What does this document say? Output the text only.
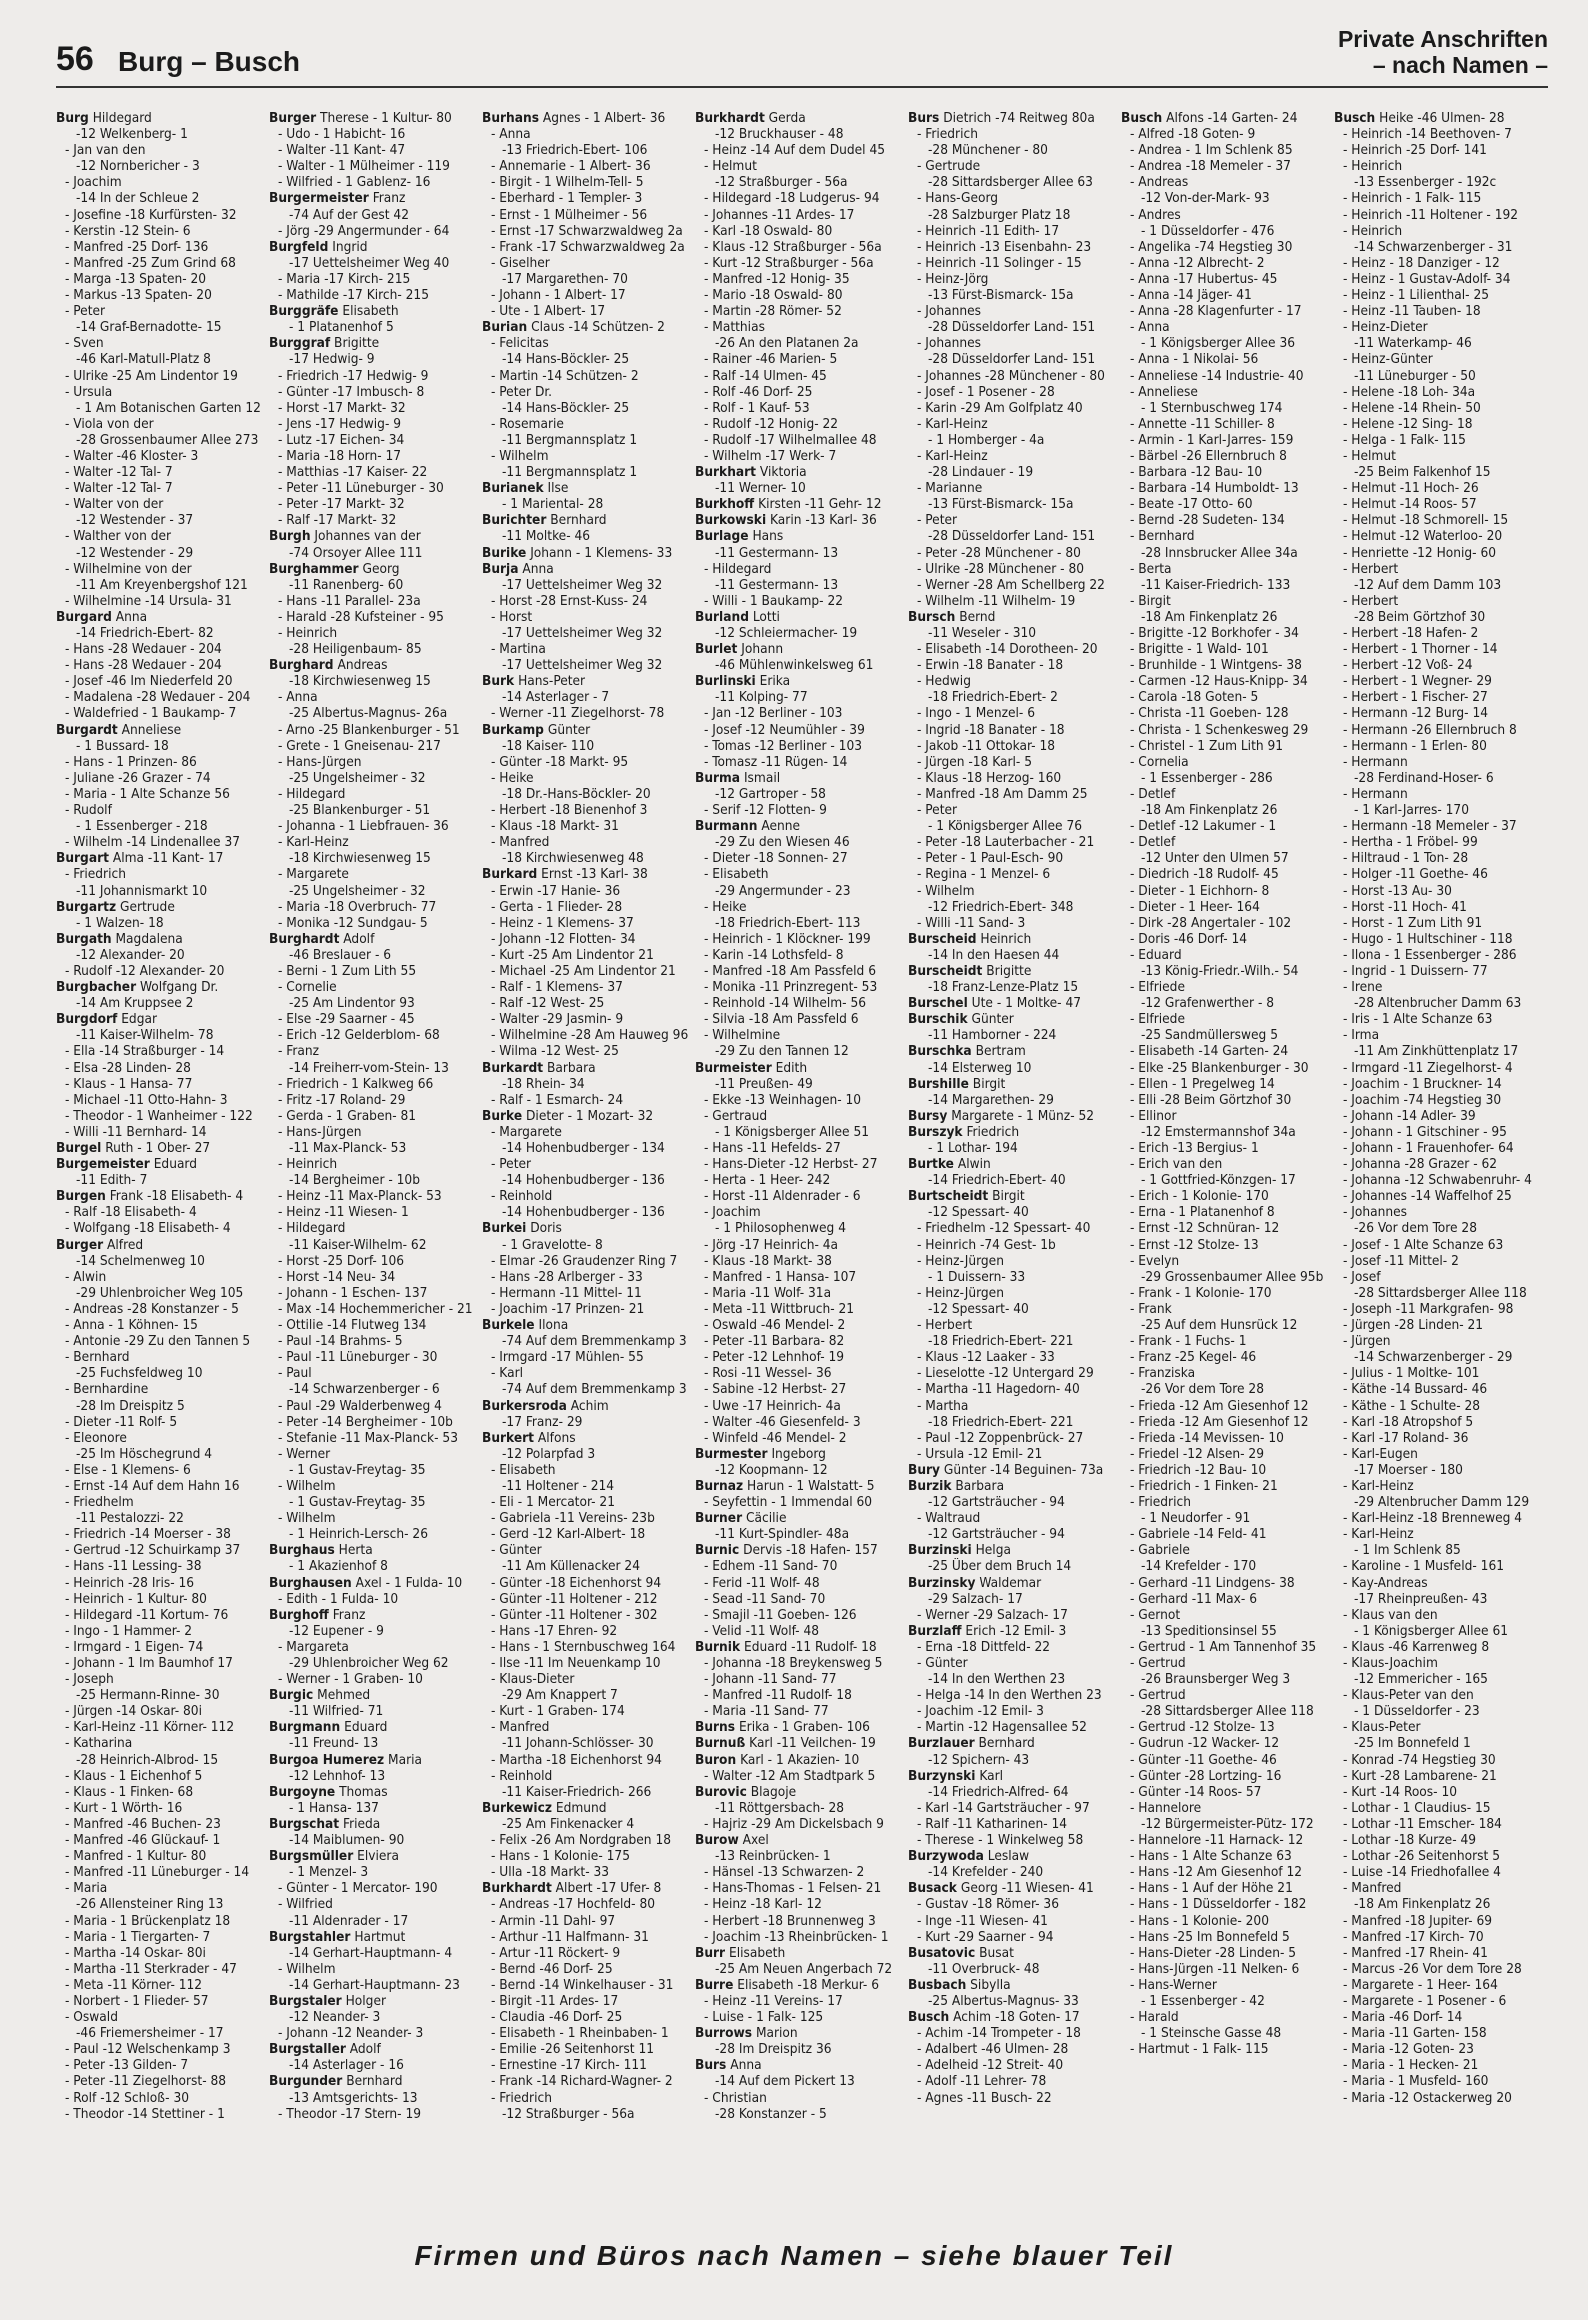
56 Burg – Busch
Private Anschriften
– nach Namen –
Burg Hildegard
-12 Welkenberg- 1
- Jan van den
-12 Nornbericher - 3
- Joachim
-14 In der Schleue 2
- Josefine -18 Kurfürsten- 32
- Kerstin -12 Stein- 6
- Manfred -25 Dorf- 136
- Manfred -25 Zum Grind 68
- Marga -13 Spaten- 20
- Markus -13 Spaten- 20
- Peter
-14 Graf-Bernadotte- 15
- Sven
-46 Karl-Matull-Platz 8
- Ulrike -25 Am Lindentor 19
- Ursula
- 1 Am Botanischen Garten 12
- Viola von der
-28 Grossenbaumer Allee 273
- Walter -46 Kloster- 3
- Walter -12 Tal- 7
- Walter -12 Tal- 7
- Walter von der
-12 Westender - 37
- Walther von der
-12 Westender - 29
- Wilhelmine von der
-11 Am Kreyenbergshof 121
- Wilhelmine -14 Ursula- 31
Burgard Anna
-14 Friedrich-Ebert- 82
- Hans -28 Wedauer - 204
- Hans -28 Wedauer - 204
- Josef -46 Im Niederfeld 20
- Madalena -28 Wedauer - 204
- Waldefried - 1 Baukamp- 7
Burgardt Anneliese
- 1 Bussard- 18
- Hans - 1 Prinzen- 86
- Juliane -26 Grazer - 74
- Maria - 1 Alte Schanze 56
- Rudolf
- 1 Essenberger - 218
- Wilhelm -14 Lindenallee 37
Burgart Alma -11 Kant- 17
- Friedrich
-11 Johannismarkt 10
Burgartz Gertrude
- 1 Walzen- 18
Burgath Magdalena
-12 Alexander- 20
- Rudolf -12 Alexander- 20
Burgbacher Wolfgang Dr.
-14 Am Kruppsee 2
Burgdorf Edgar
-11 Kaiser-Wilhelm- 78
- Ella -14 Straßburger - 14
- Elsa -28 Linden- 28
- Klaus - 1 Hansa- 77
- Michael -11 Otto-Hahn- 3
- Theodor - 1 Wanheimer - 122
- Willi -11 Bernhard- 14
Burgel Ruth - 1 Ober- 27
Burgemeister Eduard
-11 Edith- 7
Burgen Frank -18 Elisabeth- 4
- Ralf -18 Elisabeth- 4
- Wolfgang -18 Elisabeth- 4
Burger Alfred
-14 Schelmenweg 10
- Alwin
-29 Uhlenbroicher Weg 105
- Andreas -28 Konstanzer - 5
- Anna - 1 Köhnen- 15
- Antonie -29 Zu den Tannen 5
- Bernhard
-25 Fuchsfeldweg 10
- Bernhardine
-28 Im Dreispitz 5
- Dieter -11 Rolf- 5
- Eleonore
-25 Im Höschegrund 4
- Else - 1 Klemens- 6
- Ernst -14 Auf dem Hahn 16
- Friedhelm
-11 Pestalozzi- 22
- Friedrich -14 Moerser - 38
- Gertrud -12 Schuirkamp 37
- Hans -11 Lessing- 38
- Heinrich -28 Iris- 16
- Heinrich - 1 Kultur- 80
- Hildegard -11 Kortum- 76
- Ingo - 1 Hammer- 2
- Irmgard - 1 Eigen- 74
- Johann - 1 Im Baumhof 17
- Joseph
-25 Hermann-Rinne- 30
- Jürgen -14 Oskar- 80i
- Karl-Heinz -11 Körner- 112
- Katharina
-28 Heinrich-Albrod- 15
- Klaus - 1 Eichenhof 5
- Klaus - 1 Finken- 68
- Kurt - 1 Wörth- 16
- Manfred -46 Buchen- 23
- Manfred -46 Glückauf- 1
- Manfred - 1 Kultur- 80
- Manfred -11 Lüneburger - 14
- Maria
-26 Allensteiner Ring 13
- Maria - 1 Brückenplatz 18
- Maria - 1 Tiergarten- 7
- Martha -14 Oskar- 80i
- Martha -11 Sterkrader - 47
- Meta -11 Körner- 112
- Norbert - 1 Flieder- 57
- Oswald
-46 Friemersheimer - 17
- Paul -12 Welschenkamp 3
- Peter -13 Gilden- 7
- Peter -11 Ziegelhorst- 88
- Rolf -12 Schloß- 30
- Theodor -14 Stettiner - 1
Burger Therese - 1 Kultur- 80
- Udo - 1 Habicht- 16
- Walter -11 Kant- 47
- Walter - 1 Mülheimer - 119
- Wilfried - 1 Gablenz- 16
Burgermeister Franz
-74 Auf der Gest 42
- Jörg -29 Angermunder - 64
Burgfeld Ingrid
-17 Uettelsheimer Weg 40
- Maria -17 Kirch- 215
- Mathilde -17 Kirch- 215
Burggräfe Elisabeth
- 1 Platanenhof 5
Burggraf Brigitte
-17 Hedwig- 9
- Friedrich -17 Hedwig- 9
- Günter -17 Imbusch- 8
- Horst -17 Markt- 32
- Jens -17 Hedwig- 9
- Lutz -17 Eichen- 34
- Maria -18 Horn- 17
- Matthias -17 Kaiser- 22
- Peter -11 Lüneburger - 30
- Peter -17 Markt- 32
- Ralf -17 Markt- 32
Burgh Johannes van der
-74 Orsoyer Allee 111
Burghammer Georg
-11 Ranenberg- 60
- Hans -11 Parallel- 23a
- Harald -28 Kufsteiner - 95
- Heinrich
-28 Heiligenbaum- 85
Burghard Andreas
-18 Kirchwiesenweg 15
- Anna
-25 Albertus-Magnus- 26a
- Arno -25 Blankenburger - 51
- Grete - 1 Gneisenau- 217
- Hans-Jürgen
-25 Ungelsheimer - 32
- Hildegard
-25 Blankenburger - 51
- Johanna - 1 Liebfrauen- 36
- Karl-Heinz
-18 Kirchwiesenweg 15
- Margarete
-25 Ungelsheimer - 32
- Maria -18 Overbruch- 77
- Monika -12 Sundgau- 5
Burghardt Adolf
-46 Breslauer - 6
- Berni - 1 Zum Lith 55
- Cornelie
-25 Am Lindentor 93
- Else -29 Saarner - 45
- Erich -12 Gelderblom- 68
- Franz
-14 Freiherr-vom-Stein- 13
- Friedrich - 1 Kalkweg 66
- Fritz -17 Roland- 29
- Gerda - 1 Graben- 81
- Hans-Jürgen
-11 Max-Planck- 53
- Heinrich
-14 Bergheimer - 10b
- Heinz -11 Max-Planck- 53
- Heinz -11 Wiesen- 1
- Hildegard
-11 Kaiser-Wilhelm- 62
- Horst -25 Dorf- 106
- Horst -14 Neu- 34
- Johann - 1 Eschen- 137
- Max -14 Hochemmericher - 21
- Ottilie -14 Flutweg 134
- Paul -14 Brahms- 5
- Paul -11 Lüneburger - 30
- Paul
-14 Schwarzenberger - 6
- Paul -29 Walderbenweg 4
- Peter -14 Bergheimer - 10b
- Stefanie -11 Max-Planck- 53
- Werner
- 1 Gustav-Freytag- 35
- Wilhelm
- 1 Gustav-Freytag- 35
- Wilhelm
- 1 Heinrich-Lersch- 26
Burghaus Herta
- 1 Akazienhof 8
Burghausen Axel - 1 Fulda- 10
- Edith - 1 Fulda- 10
Burghoff Franz
-12 Eupener - 9
- Margareta
-29 Uhlenbroicher Weg 62
- Werner - 1 Graben- 10
Burgic Mehmed
-11 Wilfried- 71
Burgmann Eduard
-11 Freund- 13
Burgoa Humerez Maria
-12 Lehnhof- 13
Burgoyne Thomas
- 1 Hansa- 137
Burgschat Frieda
-14 Maiblumen- 90
Burgsmüller Elviera
- 1 Menzel- 3
- Günter - 1 Mercator- 190
- Wilfried
-11 Aldenrader - 17
Burgstahler Hartmut
-14 Gerhart-Hauptmann- 4
- Wilhelm
-14 Gerhart-Hauptmann- 23
Burgstaler Holger
-12 Neander- 3
- Johann -12 Neander- 3
Burgstaller Adolf
-14 Asterlager - 16
Burgunder Bernhard
-13 Amtsgerichts- 13
- Theodor -17 Stern- 19
Burhans Agnes - 1 Albert- 36
- Anna
-13 Friedrich-Ebert- 106
- Annemarie - 1 Albert- 36
- Birgit - 1 Wilhelm-Tell- 5
- Eberhard - 1 Templer- 3
- Ernst - 1 Mülheimer - 56
- Ernst -17 Schwarzwaldweg 2a
- Frank -17 Schwarzwaldweg 2a
- Giselher
-17 Margarethen- 70
- Johann - 1 Albert- 17
- Ute - 1 Albert- 17
Burian Claus -14 Schützen- 2
- Felicitas
-14 Hans-Böckler- 25
- Martin -14 Schützen- 2
- Peter Dr.
-14 Hans-Böckler- 25
- Rosemarie
-11 Bergmannsplatz 1
- Wilhelm
-11 Bergmannsplatz 1
Burianek Ilse
- 1 Mariental- 28
Burichter Bernhard
-11 Moltke- 46
Burike Johann - 1 Klemens- 33
Burja Anna
-17 Uettelsheimer Weg 32
- Horst -28 Ernst-Kuss- 24
- Horst
-17 Uettelsheimer Weg 32
- Martina
-17 Uettelsheimer Weg 32
Burk Hans-Peter
-14 Asterlager - 7
- Werner -11 Ziegelhorst- 78
Burkamp Günter
-18 Kaiser- 110
- Günter -18 Markt- 95
- Heike
-18 Dr.-Hans-Böckler- 20
- Herbert -18 Bienenhof 3
- Klaus -18 Markt- 31
- Manfred
-18 Kirchwiesenweg 48
Burkard Ernst -13 Karl- 38
- Erwin -17 Hanie- 36
- Gerta - 1 Flieder- 28
- Heinz - 1 Klemens- 37
- Johann -12 Flotten- 34
- Kurt -25 Am Lindentor 21
- Michael -25 Am Lindentor 21
- Ralf - 1 Klemens- 37
- Ralf -12 West- 25
- Walter -29 Jasmin- 9
- Wilhelmine -28 Am Hauweg 96
- Wilma -12 West- 25
Burkardt Barbara
-18 Rhein- 34
- Ralf - 1 Esmarch- 24
Burke Dieter - 1 Mozart- 32
- Margarete
-14 Hohenbudberger - 134
- Peter
-14 Hohenbudberger - 136
- Reinhold
-14 Hohenbudberger - 136
Burkei Doris
- 1 Gravelotte- 8
- Elmar -26 Graudenzer Ring 7
- Hans -28 Arlberger - 33
- Hermann -11 Mittel- 11
- Joachim -17 Prinzen- 21
Burkele Ilona
-74 Auf dem Bremmenkamp 3
- Irmgard -17 Mühlen- 55
- Karl
-74 Auf dem Bremmenkamp 3
Burkersroda Achim
-17 Franz- 29
Burkert Alfons
-12 Polarpfad 3
- Elisabeth
-11 Holtener - 214
- Eli - 1 Mercator- 21
- Gabriela -11 Vereins- 23b
- Gerd -12 Karl-Albert- 18
- Günter
-11 Am Küllenacker 24
- Günter -18 Eichenhorst 94
- Günter -11 Holtener - 212
- Günter -11 Holtener - 302
- Hans -17 Ehren- 92
- Hans - 1 Sternbuschweg 164
- Ilse -11 Im Neuenkamp 10
- Klaus-Dieter
-29 Am Knappert 7
- Kurt - 1 Graben- 174
- Manfred
-11 Johann-Schlösser- 30
- Martha -18 Eichenhorst 94
- Reinhold
-11 Kaiser-Friedrich- 266
Burkewicz Edmund
-25 Am Finkenacker 4
- Felix -26 Am Nordgraben 18
- Hans - 1 Kolonie- 175
- Ulla -18 Markt- 33
Burkhardt Albert -17 Ufer- 8
- Andreas -17 Hochfeld- 80
- Armin -11 Dahl- 97
- Arthur -11 Halfmann- 31
- Artur -11 Röckert- 9
- Bernd -46 Dorf- 25
- Bernd -14 Winkelhauser - 31
- Birgit -11 Ardes- 17
- Claudia -46 Dorf- 25
- Elisabeth - 1 Rheinbaben- 1
- Emilie -26 Seitenhorst 11
- Ernestine -17 Kirch- 111
- Frank -14 Richard-Wagner- 2
- Friedrich
-12 Straßburger - 56a
Burkhardt Gerda
-12 Bruckhauser - 48
- Heinz -14 Auf dem Dudel 45
- Helmut
-12 Straßburger - 56a
- Hildegard -18 Ludgerus- 94
- Johannes -11 Ardes- 17
- Karl -18 Oswald- 80
- Klaus -12 Straßburger - 56a
- Kurt -12 Straßburger - 56a
- Manfred -12 Honig- 35
- Mario -18 Oswald- 80
- Martin -28 Römer- 52
- Matthias
-26 An den Platanen 2a
- Rainer -46 Marien- 5
- Ralf -14 Ulmen- 45
- Rolf -46 Dorf- 25
- Rolf - 1 Kauf- 53
- Rudolf -12 Honig- 22
- Rudolf -17 Wilhelmallee 48
- Wilhelm -17 Werk- 7
Burkhart Viktoria
-11 Werner- 10
Burkhoff Kirsten -11 Gehr- 12
Burkowski Karin -13 Karl- 36
Burlage Hans
-11 Gestermann- 13
- Hildegard
-11 Gestermann- 13
- Willi - 1 Baukamp- 22
Burland Lotti
-12 Schleiermacher- 19
Burlet Johann
-46 Mühlenwinkelsweg 61
Burlinski Erika
-11 Kolping- 77
- Jan -12 Berliner - 103
- Josef -12 Neumühler - 39
- Tomas -12 Berliner - 103
- Tomasz -11 Rügen- 14
Burma Ismail
-12 Gartroper - 58
- Serif -12 Flotten- 9
Burmann Aenne
-29 Zu den Wiesen 46
- Dieter -18 Sonnen- 27
- Elisabeth
-29 Angermunder - 23
- Heike
-18 Friedrich-Ebert- 113
- Heinrich - 1 Klöckner- 199
- Karin -14 Lothsfeld- 8
- Manfred -18 Am Passfeld 6
- Monika -11 Prinzregent- 53
- Reinhold -14 Wilhelm- 56
- Silvia -18 Am Passfeld 6
- Wilhelmine
-29 Zu den Tannen 12
Burmeister Edith
-11 Preußen- 49
- Ekke -13 Weinhagen- 10
- Gertraud
- 1 Königsberger Allee 51
- Hans -11 Hefelds- 27
- Hans-Dieter -12 Herbst- 27
- Herta - 1 Heer- 242
- Horst -11 Aldenrader - 6
- Joachim
- 1 Philosophenweg 4
- Jörg -17 Heinrich- 4a
- Klaus -18 Markt- 38
- Manfred - 1 Hansa- 107
- Maria -11 Wolf- 31a
- Meta -11 Wittbruch- 21
- Oswald -46 Mendel- 2
- Peter -11 Barbara- 82
- Peter -12 Lehnhof- 19
- Rosi -11 Wessel- 36
- Sabine -12 Herbst- 27
- Uwe -17 Heinrich- 4a
- Walter -46 Giesenfeld- 3
- Winfeld -46 Mendel- 2
Burmester Ingeborg
-12 Koopmann- 12
Burnaz Harun - 1 Walstatt- 5
- Seyfettin - 1 Immendal 60
Burner Cäcilie
-11 Kurt-Spindler- 48a
Burnic Dervis -18 Hafen- 157
- Edhem -11 Sand- 70
- Ferid -11 Wolf- 48
- Sead -11 Sand- 70
- Smajil -11 Goeben- 126
- Velid -11 Wolf- 48
Burnik Eduard -11 Rudolf- 18
- Johanna -18 Breykensweg 5
- Johann -11 Sand- 77
- Manfred -11 Rudolf- 18
- Maria -11 Sand- 77
Burns Erika - 1 Graben- 106
Burnuß Karl -11 Veilchen- 19
Buron Karl - 1 Akazien- 10
- Walter -12 Am Stadtpark 5
Burovic Blagoje
-11 Röttgersbach- 28
- Hajriz -29 Am Dickelsbach 9
Burow Axel
-13 Reinbrücken- 1
- Hänsel -13 Schwarzen- 2
- Hans-Thomas - 1 Felsen- 21
- Heinz -18 Karl- 12
- Herbert -18 Brunnenweg 3
- Joachim -13 Rheinbrücken- 1
Burr Elisabeth
-25 Am Neuen Angerbach 72
Burre Elisabeth -18 Merkur- 6
- Heinz -11 Vereins- 17
- Luise - 1 Falk- 125
Burrows Marion
-28 Im Dreispitz 36
Burs Anna
-14 Auf dem Pickert 13
- Christian
-28 Konstanzer - 5
Burs Dietrich -74 Reitweg 80a
- Friedrich
-28 Münchener - 80
- Gertrude
-28 Sittardsberger Allee 63
- Hans-Georg
-28 Salzburger Platz 18
- Heinrich -11 Edith- 17
- Heinrich -13 Eisenbahn- 23
- Heinrich -11 Solinger - 15
- Heinz-Jörg
-13 Fürst-Bismarck- 15a
- Johannes
-28 Düsseldorfer Land- 151
- Johannes
-28 Düsseldorfer Land- 151
- Johannes -28 Münchener - 80
- Josef - 1 Posener - 28
- Karin -29 Am Golfplatz 40
- Karl-Heinz
- 1 Homberger - 4a
- Karl-Heinz
-28 Lindauer - 19
- Marianne
-13 Fürst-Bismarck- 15a
- Peter
-28 Düsseldorfer Land- 151
- Peter -28 Münchener - 80
- Ulrike -28 Münchener - 80
- Werner -28 Am Schellberg 22
- Wilhelm -11 Wilhelm- 19
Bursch Bernd
-11 Weseler - 310
- Elisabeth -14 Dorotheen- 20
- Erwin -18 Banater - 18
- Hedwig
-18 Friedrich-Ebert- 2
- Ingo - 1 Menzel- 6
- Ingrid -18 Banater - 18
- Jakob -11 Ottokar- 18
- Jürgen -18 Karl- 5
- Klaus -18 Herzog- 160
- Manfred -18 Am Damm 25
- Peter
- 1 Königsberger Allee 76
- Peter -18 Lauterbacher - 21
- Peter - 1 Paul-Esch- 90
- Regina - 1 Menzel- 6
- Wilhelm
-12 Friedrich-Ebert- 348
- Willi -11 Sand- 3
Burscheid Heinrich
-14 In den Haesen 44
Burscheidt Brigitte
-18 Franz-Lenze-Platz 15
Burschel Ute - 1 Moltke- 47
Burschik Günter
-11 Hamborner - 224
Burschka Bertram
-14 Elsterweg 10
Burshille Birgit
-14 Margarethen- 29
Bursy Margarete - 1 Münz- 52
Burszyk Friedrich
- 1 Lothar- 194
Burtke Alwin
-14 Friedrich-Ebert- 40
Burtscheidt Birgit
-12 Spessart- 40
- Friedhelm -12 Spessart- 40
- Heinrich -74 Gest- 1b
- Heinz-Jürgen
- 1 Duissern- 33
- Heinz-Jürgen
-12 Spessart- 40
- Herbert
-18 Friedrich-Ebert- 221
- Klaus -12 Laaker - 33
- Lieselotte -12 Untergard 29
- Martha -11 Hagedorn- 40
- Martha
-18 Friedrich-Ebert- 221
- Paul -12 Zoppenbrück- 27
- Ursula -12 Emil- 21
Bury Günter -14 Beguinen- 73a
Burzik Barbara
-12 Gartsträucher - 94
- Waltraud
-12 Gartsträucher - 94
Burzinski Helga
-25 Über dem Bruch 14
Burzinsky Waldemar
-29 Salzach- 17
- Werner -29 Salzach- 17
Burzlaff Erich -12 Emil- 3
- Erna -18 Dittfeld- 22
- Günter
-14 In den Werthen 23
- Helga -14 In den Werthen 23
- Joachim -12 Emil- 3
- Martin -12 Hagensallee 52
Burzlauer Bernhard
-12 Spichern- 43
Burzynski Karl
-14 Friedrich-Alfred- 64
- Karl -14 Gartsträucher - 97
- Ralf -11 Katharinen- 14
- Therese - 1 Winkelweg 58
Burzywoda Leslaw
-14 Krefelder - 240
Busack Georg -11 Wiesen- 41
- Gustav -18 Römer- 36
- Inge -11 Wiesen- 41
- Kurt -29 Saarner - 94
Busatovic Busat
-11 Overbruck- 48
Busbach Sibylla
-25 Albertus-Magnus- 33
Busch Achim -18 Goten- 17
- Achim -14 Trompeter - 18
- Adalbert -46 Ulmen- 28
- Adelheid -12 Streit- 40
- Adolf -11 Lehrer- 78
- Agnes -11 Busch- 22
Busch Alfons -14 Garten- 24
- Alfred -18 Goten- 9
- Andrea - 1 Im Schlenk 85
- Andrea -18 Memeler - 37
- Andreas
-12 Von-der-Mark- 93
- Andres
- 1 Düsseldorfer - 476
- Angelika -74 Hegstieg 30
- Anna -12 Albrecht- 2
- Anna -17 Hubertus- 45
- Anna -14 Jäger- 41
- Anna -28 Klagenfurter - 17
- Anna
- 1 Königsberger Allee 36
- Anna - 1 Nikolai- 56
- Anneliese -14 Industrie- 40
- Anneliese
- 1 Sternbuschweg 174
- Annette -11 Schiller- 8
- Armin - 1 Karl-Jarres- 159
- Bärbel -26 Ellernbruch 8
- Barbara -12 Bau- 10
- Barbara -14 Humboldt- 13
- Beate -17 Otto- 60
- Bernd -28 Sudeten- 134
- Bernhard
-28 Innsbrucker Allee 34a
- Berta
-11 Kaiser-Friedrich- 133
- Birgit
-18 Am Finkenplatz 26
- Brigitte -12 Borkhofer - 34
- Brigitte - 1 Wald- 101
- Brunhilde - 1 Wintgens- 38
- Carmen -12 Haus-Knipp- 34
- Carola -18 Goten- 5
- Christa -11 Goeben- 128
- Christa - 1 Schenkesweg 29
- Christel - 1 Zum Lith 91
- Cornelia
- 1 Essenberger - 286
- Detlef
-18 Am Finkenplatz 26
- Detlef -12 Lakumer - 1
- Detlef
-12 Unter den Ulmen 57
- Diedrich -18 Rudolf- 45
- Dieter - 1 Eichhorn- 8
- Dieter - 1 Heer- 164
- Dirk -28 Angertaler - 102
- Doris -46 Dorf- 14
- Eduard
-13 König-Friedr.-Wilh.- 54
- Elfriede
-12 Grafenwerther - 8
- Elfriede
-25 Sandmüllersweg 5
- Elisabeth -14 Garten- 24
- Elke -25 Blankenburger - 30
- Ellen - 1 Pregelweg 14
- Elli -28 Beim Görtzhof 30
- Ellinor
-12 Emstermannshof 34a
- Erich -13 Bergius- 1
- Erich van den
- 1 Gottfried-Könzgen- 17
- Erich - 1 Kolonie- 170
- Erna - 1 Platanenhof 8
- Ernst -12 Schnüran- 12
- Ernst -12 Stolze- 13
- Evelyn
-29 Grossenbaumer Allee 95b
- Frank - 1 Kolonie- 170
- Frank
-25 Auf dem Hunsrück 12
- Frank - 1 Fuchs- 1
- Franz -25 Kegel- 46
- Franziska
-26 Vor dem Tore 28
- Frieda -12 Am Giesenhof 12
- Frieda -12 Am Giesenhof 12
- Frieda -14 Mevissen- 10
- Friedel -12 Alsen- 29
- Friedrich -12 Bau- 10
- Friedrich - 1 Finken- 21
- Friedrich
- 1 Neudorfer - 91
- Gabriele -14 Feld- 41
- Gabriele
-14 Krefelder - 170
- Gerhard -11 Lindgens- 38
- Gerhard -11 Max- 6
- Gernot
-13 Speditionsinsel 55
- Gertrud - 1 Am Tannenhof 35
- Gertrud
-26 Braunsberger Weg 3
- Gertrud
-28 Sittardsberger Allee 118
- Gertrud -12 Stolze- 13
- Gudrun -12 Wacker- 12
- Günter -11 Goethe- 46
- Günter -28 Lortzing- 16
- Günter -14 Roos- 57
- Hannelore
-12 Bürgermeister-Pütz- 172
- Hannelore -11 Harnack- 12
- Hans - 1 Alte Schanze 63
- Hans -12 Am Giesenhof 12
- Hans - 1 Auf der Höhe 21
- Hans - 1 Düsseldorfer - 182
- Hans - 1 Kolonie- 200
- Hans -25 Im Bonnefeld 5
- Hans-Dieter -28 Linden- 5
- Hans-Jürgen -11 Nelken- 6
- Hans-Werner
- 1 Essenberger - 42
- Harald
- 1 Steinsche Gasse 48
- Hartmut - 1 Falk- 115
Busch Heike -46 Ulmen- 28
- Heinrich -14 Beethoven- 7
- Heinrich -25 Dorf- 141
- Heinrich
-13 Essenberger - 192c
- Heinrich - 1 Falk- 115
- Heinrich -11 Holtener - 192
- Heinrich
-14 Schwarzenberger - 31
- Heinz - 18 Danziger - 12
- Heinz - 1 Gustav-Adolf- 34
- Heinz - 1 Lilienthal- 25
- Heinz -11 Tauben- 18
- Heinz-Dieter
-11 Waterkamp- 46
- Heinz-Günter
-11 Lüneburger - 50
- Helene -18 Loh- 34a
- Helene -14 Rhein- 50
- Helene -12 Sing- 18
- Helga - 1 Falk- 115
- Helmut
-25 Beim Falkenhof 15
- Helmut -11 Hoch- 26
- Helmut -14 Roos- 57
- Helmut -18 Schmorell- 15
- Helmut -12 Waterloo- 20
- Henriette -12 Honig- 60
- Herbert
-12 Auf dem Damm 103
- Herbert
-28 Beim Görtzhof 30
- Herbert -18 Hafen- 2
- Herbert - 1 Thorner - 14
- Herbert -12 Voß- 24
- Herbert - 1 Wegner- 29
- Herbert - 1 Fischer- 27
- Hermann -12 Burg- 14
- Hermann -26 Ellernbruch 8
- Hermann - 1 Erlen- 80
- Hermann
-28 Ferdinand-Hoser- 6
- Hermann
- 1 Karl-Jarres- 170
- Hermann -18 Memeler - 37
- Hertha - 1 Fröbel- 99
- Hiltraud - 1 Ton- 28
- Holger -11 Goethe- 46
- Horst -13 Au- 30
- Horst -11 Hoch- 41
- Horst - 1 Zum Lith 91
- Hugo - 1 Hultschiner - 118
- Ilona - 1 Essenberger - 286
- Ingrid - 1 Duissern- 77
- Irene
-28 Altenbrucher Damm 63
- Iris - 1 Alte Schanze 63
- Irma
-11 Am Zinkhüttenplatz 17
- Irmgard -11 Ziegelhorst- 4
- Joachim - 1 Bruckner- 14
- Joachim -74 Hegstieg 30
- Johann -14 Adler- 39
- Johann - 1 Gitschiner - 95
- Johann - 1 Frauenhofer- 64
- Johanna -28 Grazer - 62
- Johanna -12 Schwabenruhr- 4
- Johannes -14 Waffelhof 25
- Johannes
-26 Vor dem Tore 28
- Josef - 1 Alte Schanze 63
- Josef -11 Mittel- 2
- Josef
-28 Sittardsberger Allee 118
- Joseph -11 Markgrafen- 98
- Jürgen -28 Linden- 21
- Jürgen
-14 Schwarzenberger - 29
- Julius - 1 Moltke- 101
- Käthe -14 Bussard- 46
- Käthe - 1 Schulte- 28
- Karl -18 Atropshof 5
- Karl -17 Roland- 36
- Karl-Eugen
-17 Moerser - 180
- Karl-Heinz
-29 Altenbrucher Damm 129
- Karl-Heinz -18 Brenneweg 4
- Karl-Heinz
- 1 Im Schlenk 85
- Karoline - 1 Musfeld- 161
- Kay-Andreas
-17 Rheinpreußen- 43
- Klaus van den
- 1 Königsberger Allee 61
- Klaus -46 Karrenweg 8
- Klaus-Joachim
-12 Emmericher - 165
- Klaus-Peter van den
- 1 Düsseldorfer - 23
- Klaus-Peter
-25 Im Bonnefeld 1
- Konrad -74 Hegstieg 30
- Kurt -28 Lambarene- 21
- Kurt -14 Roos- 10
- Lothar - 1 Claudius- 15
- Lothar -11 Emscher- 184
- Lothar -18 Kurze- 49
- Lothar -26 Seitenhorst 5
- Luise -14 Friedhofallee 4
- Manfred
-18 Am Finkenplatz 26
- Manfred -18 Jupiter- 69
- Manfred -17 Kirch- 70
- Manfred -17 Rhein- 41
- Marcus -26 Vor dem Tore 28
- Margarete - 1 Heer- 164
- Margarete - 1 Posener - 6
- Maria -46 Dorf- 14
- Maria -11 Garten- 158
- Maria -12 Goten- 23
- Maria - 1 Hecken- 21
- Maria - 1 Musfeld- 160
- Maria -12 Ostackerweg 20
Firmen und Büros nach Namen – siehe blauer Teil
